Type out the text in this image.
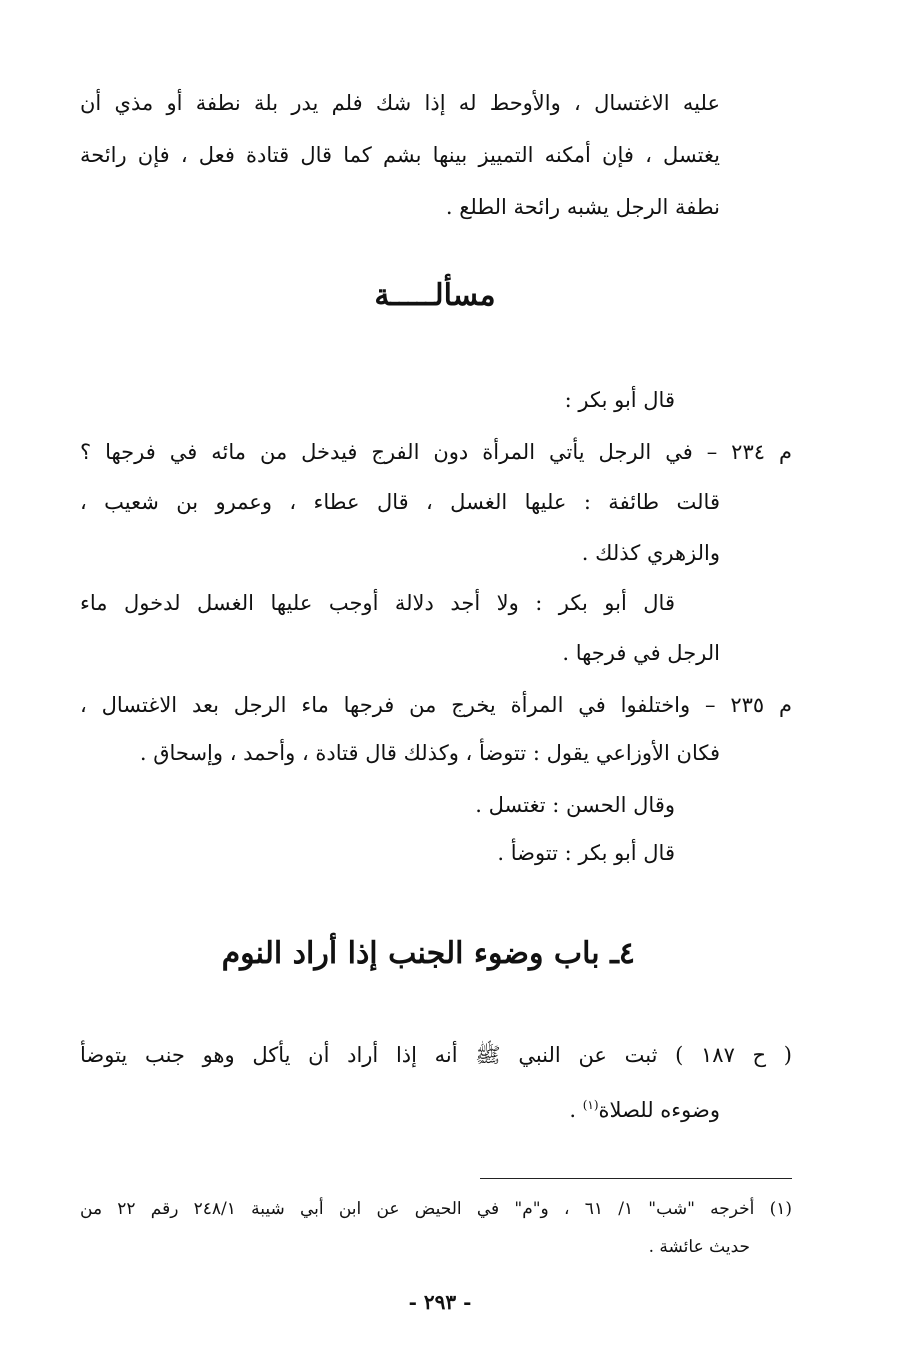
عليه الاغتسال ، والأوحط له إذا شك فلم يدر بلة نطفة أو مذي أن
يغتسل ، فإن أمكنه التمييز بينها بشم كما قال قتادة فعل ، فإن رائحة
نطفة الرجل يشبه رائحة الطلع .
مسألـــــة
قال أبو بكر :
م ٢٣٤ – في الرجل يأتي المرأة دون الفرج فيدخل من مائه في فرجها ؟
قالت طائفة : عليها الغسل ، قال عطاء ، وعمرو بن شعيب ،
والزهري كذلك .
قال أبو بكر : ولا أجد دلالة أوجب عليها الغسل لدخول ماء
الرجل في فرجها .
م ٢٣٥ – واختلفوا في المرأة يخرج من فرجها ماء الرجل بعد الاغتسال ،
فكان الأوزاعي يقول : تتوضأ ، وكذلك قال قتادة ، وأحمد ، وإسحاق .
وقال الحسن : تغتسل .
قال أبو بكر : تتوضأ .
٤ـ باب وضوء الجنب إذا أراد النوم
( ح ١٨٧ ) ثبت عن النبي ﷺ أنه إذا أراد أن يأكل وهو جنب يتوضأ
وضوءه للصلاة$^{(١)}$ .
(١) أخرجه "شب" ١/ ٦١ ، و"م" في الحيض عن ابن أبي شيبة ٢٤٨/١ رقم ٢٢ من
حديث عائشة .
- ٢٩٣ -
